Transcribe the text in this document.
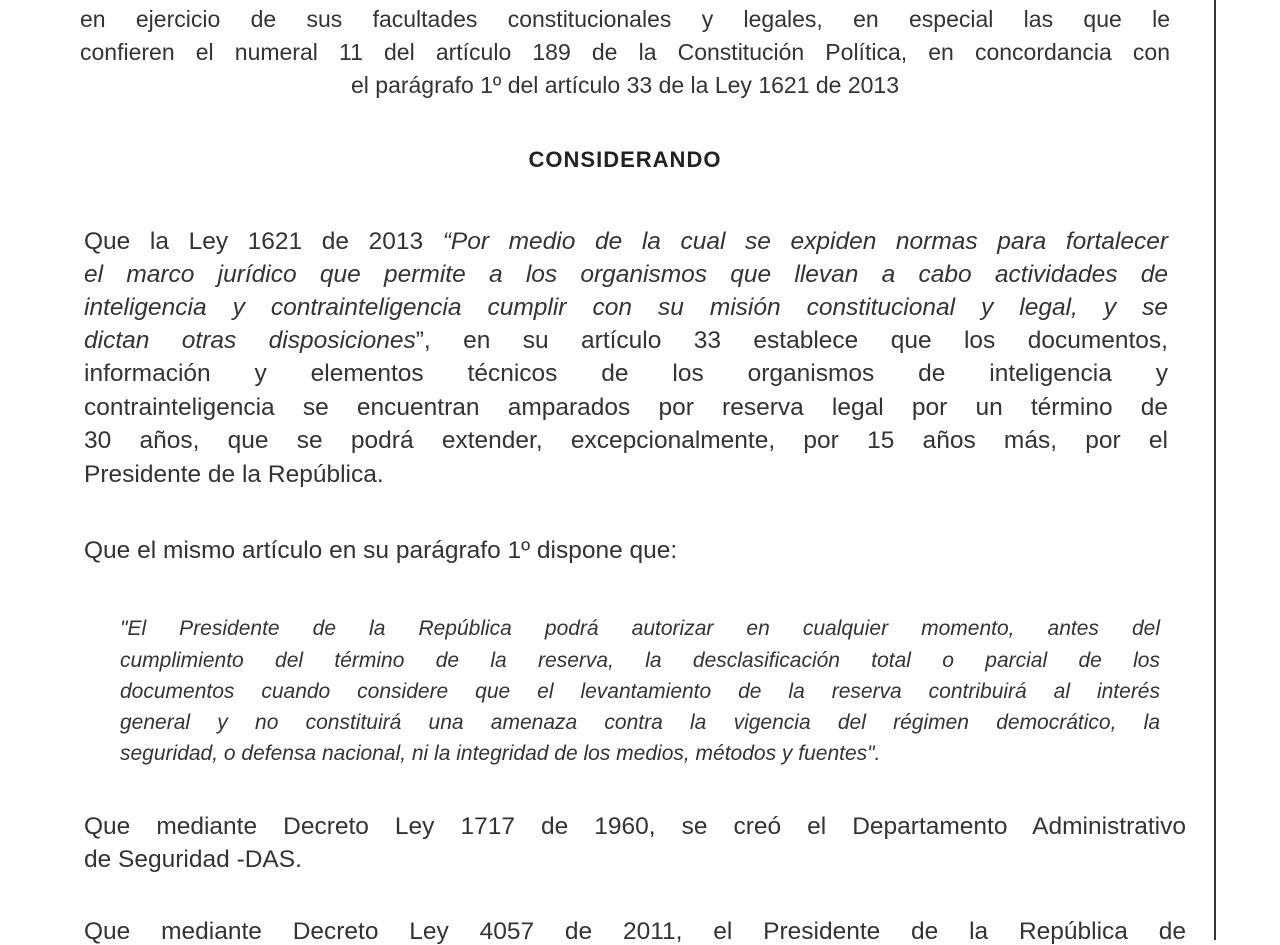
en ejercicio de sus facultades constitucionales y legales, en especial las que le
confieren el numeral 11 del artículo 189 de la Constitución Política, en concordancia con
el parágrafo 1º del artículo 33 de la Ley 1621 de 2013
CONSIDERANDO
Que la Ley 1621 de 2013 “Por medio de la cual se expiden normas para fortalecer
el marco jurídico que permite a los organismos que llevan a cabo actividades de
inteligencia y contrainteligencia cumplir con su misión constitucional y legal, y se
dictan otras disposiciones”, en su artículo 33 establece que los documentos,
información y elementos técnicos de los organismos de inteligencia y
contrainteligencia se encuentran amparados por reserva legal por un término de
30 años, que se podrá extender, excepcionalmente, por 15 años más, por el
Presidente de la República.
Que el mismo artículo en su parágrafo 1º dispone que:
"El Presidente de la República podrá autorizar en cualquier momento, antes del
cumplimiento del término de la reserva, la desclasificación total o parcial de los
documentos cuando considere que el levantamiento de la reserva contribuirá al interés
general y no constituirá una amenaza contra la vigencia del régimen democrático, la
seguridad, o defensa nacional, ni la integridad de los medios, métodos y fuentes".
Que mediante Decreto Ley 1717 de 1960, se creó el Departamento Administrativo
de Seguridad -DAS.
Que mediante Decreto Ley 4057 de 2011, el Presidente de la República de
